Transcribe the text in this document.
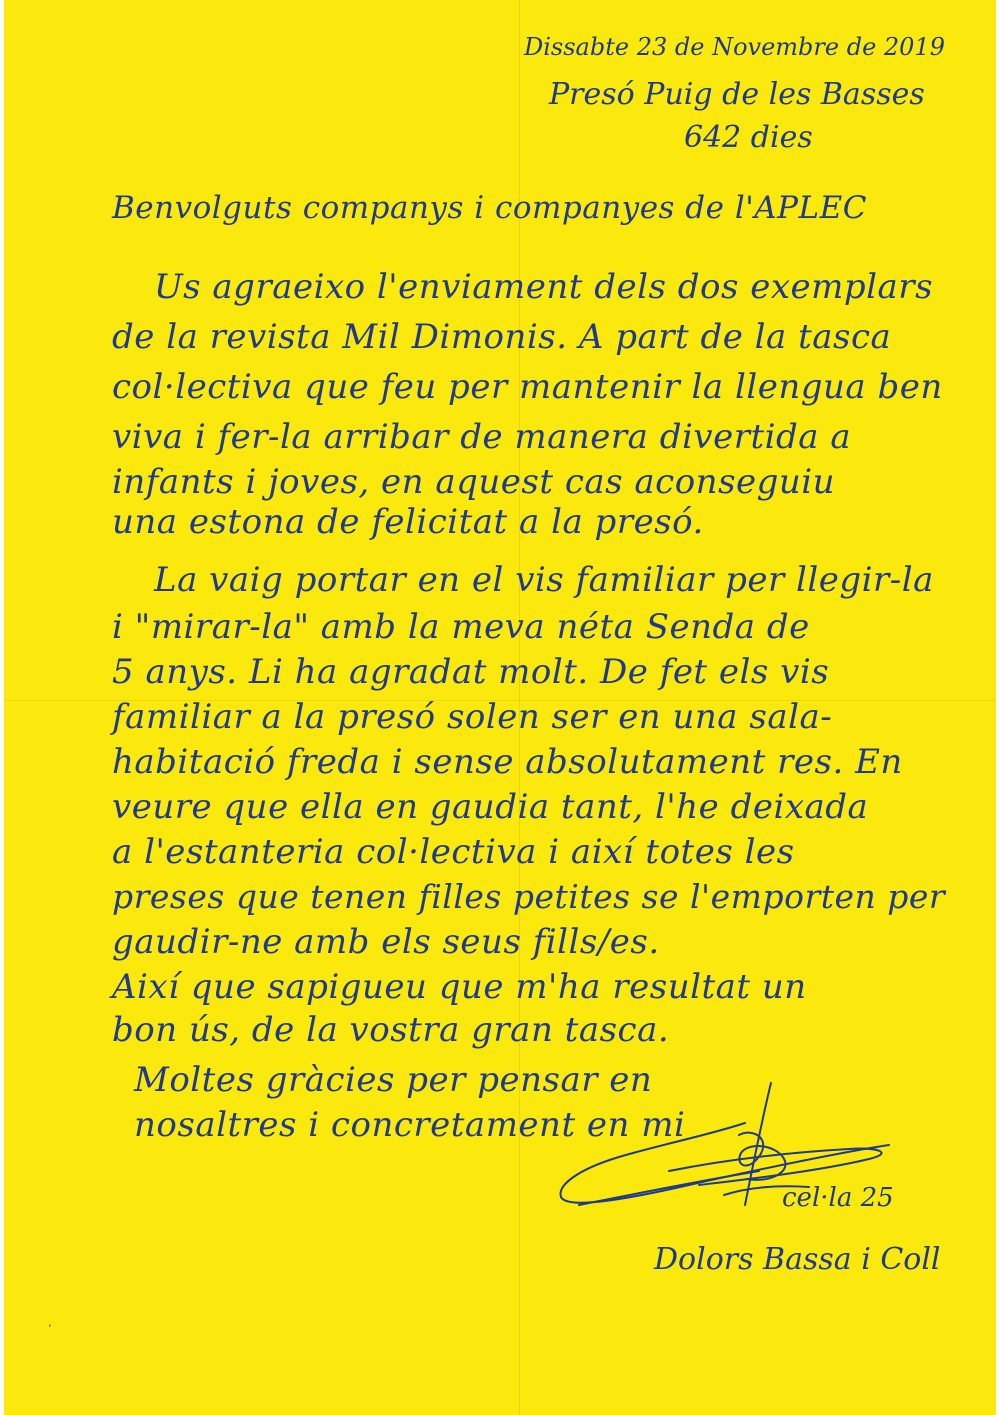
Dissabte 23 de Novembre de 2019

Presó Puig de les Basses

642 dies

Benvolguts companys i companyes de l'APLEC

Us agraeixo l'enviament dels dos exemplars

de la revista Mil Dimonis. A part de la tasca

col·lectiva que feu per mantenir la llengua ben

viva i fer-la arribar de manera divertida a

infants i joves, en aquest cas aconseguiu

una estona de felicitat a la presó.

La vaig portar en el vis familiar per llegir-la

i "mirar-la" amb la meva néta Senda de

5 anys. Li ha agradat molt. De fet els vis

familiar a la presó solen ser en una sala-

habitació freda i sense absolutament res. En

veure que ella en gaudia tant, l'he deixada

a l'estanteria col·lectiva i així totes les

preses que tenen filles petites se l'emporten per

gaudir-ne amb els seus fills/es.

Així que sapigueu que m'ha resultat un

bon ús, de la vostra gran tasca.

Moltes gràcies per pensar en

nosaltres i concretament en mi

cel·la 25

Dolors Bassa i Coll

‘
